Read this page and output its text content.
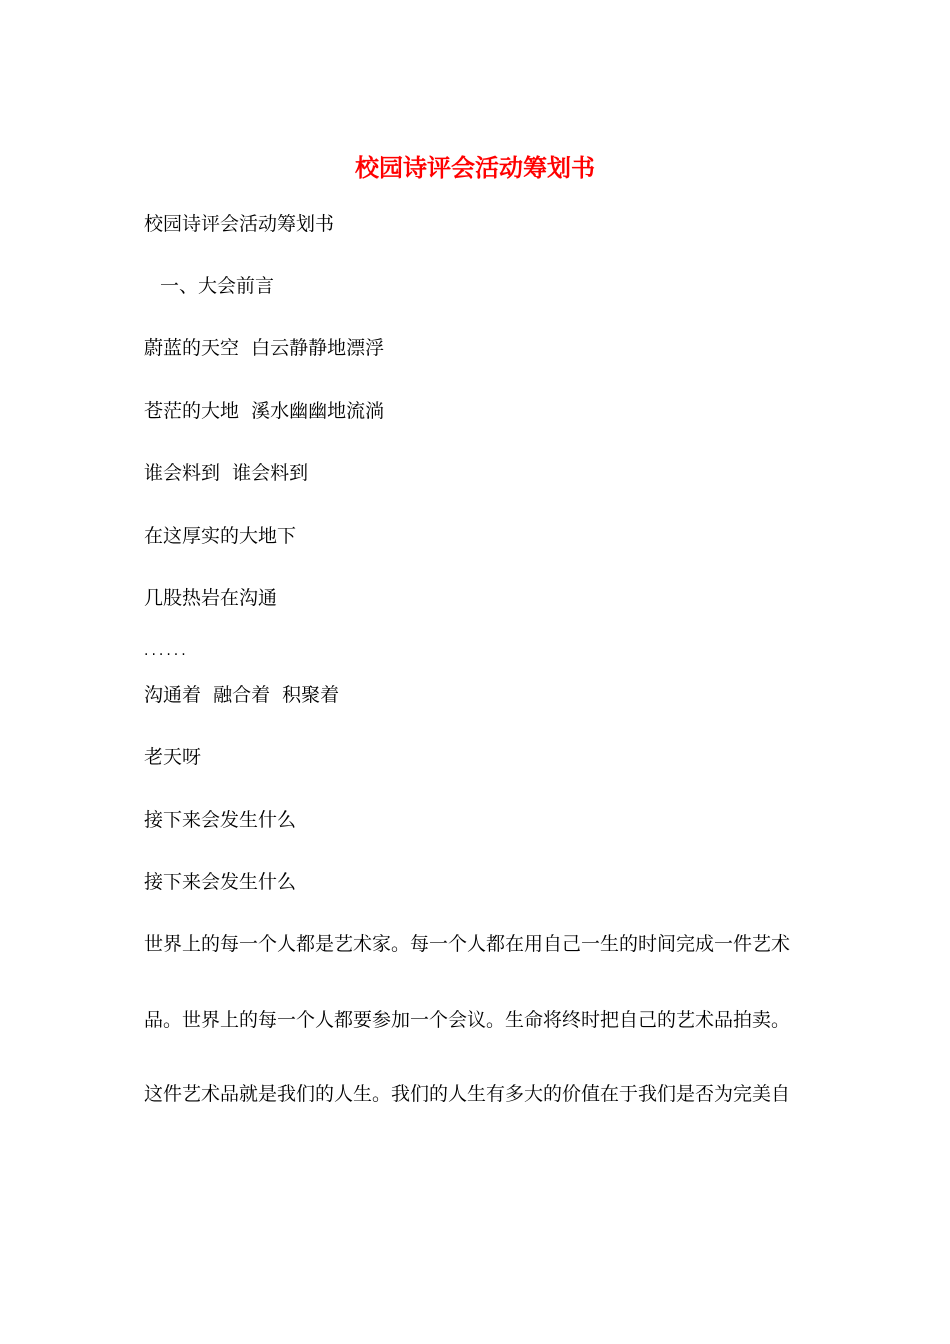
校园诗评会活动筹划书
校园诗评会活动筹划书
一、大会前言
蔚蓝的天空  白云静静地漂浮
苍茫的大地  溪水幽幽地流淌
谁会料到  谁会料到
在这厚实的大地下
几股热岩在沟通
......
沟通着  融合着  积聚着
老天呀
接下来会发生什么
接下来会发生什么
世界上的每一个人都是艺术家。每一个人都在用自己一生的时间完成一件艺术
品。世界上的每一个人都要参加一个会议。生命将终时把自己的艺术品拍卖。
这件艺术品就是我们的人生。我们的人生有多大的价值在于我们是否为完美自
